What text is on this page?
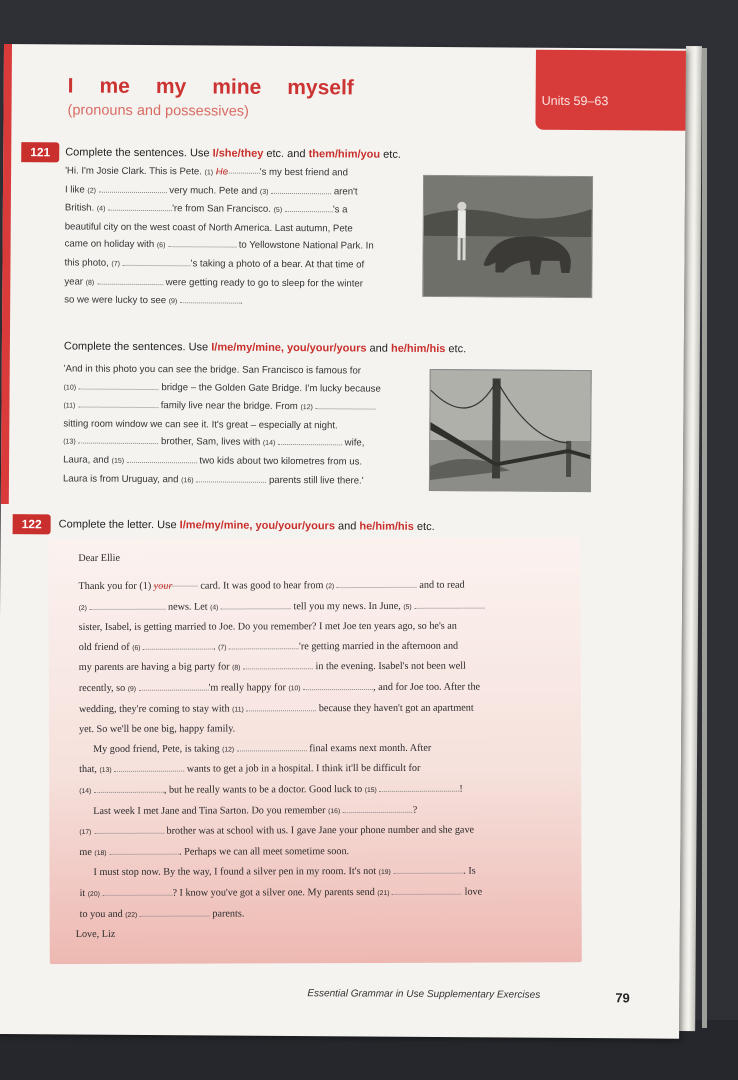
I me my mine myself
(pronouns and possessives)
Units 59–63
121	Complete the sentences. Use I/she/they etc. and them/him/you etc.
'Hi. I'm Josie Clark. This is Pete. (1) He	's my best friend and
I like (2)	very much. Pete and (3)	aren't
British. (4)	're from San Francisco. (5)	's a
beautiful city on the west coast of North America. Last autumn, Pete
came on holiday with (6)	to Yellowstone National Park. In
this photo, (7)	's taking a photo of a bear. At that time of
year (8)	were getting ready to go to sleep for the winter
so we were lucky to see (9)	.
Complete the sentences. Use I/me/my/mine, you/your/yours and he/him/his etc.
'And in this photo you can see the bridge. San Francisco is famous for
(10)	bridge – the Golden Gate Bridge. I'm lucky because
(11)	family live near the bridge. From (12)
sitting room window we can see it. It's great – especially at night.
(13)	brother, Sam, lives with (14)	wife,
Laura, and (15)	two kids about two kilometres from us.
Laura is from Uruguay, and (16)	parents still live there.'
122	Complete the letter. Use I/me/my/mine, you/your/yours and he/him/his etc.
Dear Ellie
Thank you for (1) your	card. It was good to hear from (2)	and to read
(2)	news. Let (4)	tell you my news. In June, (5)
sister, Isabel, is getting married to Joe. Do you remember? I met Joe ten years ago, so he's an
old friend of (6)	. (7)	're getting married in the afternoon and
my parents are having a big party for (8)	in the evening. Isabel's not been well
recently, so (9)	'm really happy for (10)	, and for Joe too. After the
wedding, they're coming to stay with (11)	because they haven't got an apartment
yet. So we'll be one big, happy family.
My good friend, Pete, is taking (12)	final exams next month. After
that, (13)	wants to get a job in a hospital. I think it'll be difficult for
(14)	, but he really wants to be a doctor. Good luck to (15)	!
Last week I met Jane and Tina Sarton. Do you remember (16)	?
(17)	brother was at school with us. I gave Jane your phone number and she gave
me (18)	. Perhaps we can all meet sometime soon.
I must stop now. By the way, I found a silver pen in my room. It's not (19)	. Is
it (20)	? I know you've got a silver one. My parents send (21)	love
to you and (22)	parents.
Love, Liz
Essential Grammar in Use Supplementary Exercises	79
